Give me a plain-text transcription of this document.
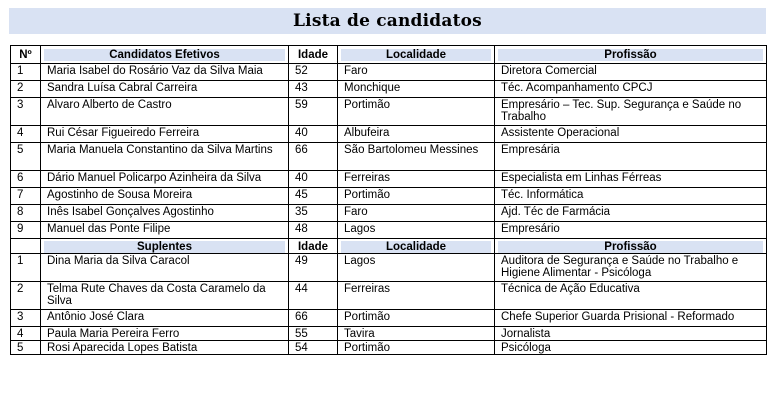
Lista de candidatos
Nº	Candidatos Efetivos	Idade	Localidade	Profissão

1	Maria Isabel do Rosário Vaz da Silva Maia	52	Faro	Diretora Comercial
2	Sandra Luísa Cabral Carreira	43	Monchique	Téc. Acompanhamento CPCJ
3	Alvaro Alberto de Castro	59	Portimão	Empresário – Tec. Sup. Segurança e Saúde no Trabalho
4	Rui César Figueiredo Ferreira	40	Albufeira	Assistente Operacional
5	Maria Manuela Constantino da Silva Martins	66	São Bartolomeu Messines	Empresária
6	Dário Manuel Policarpo Azinheira da Silva	40	Ferreiras	Especialista em Linhas Férreas
7	Agostinho de Sousa Moreira	45	Portimão	Téc. Informática
8	Inês Isabel Gonçalves Agostinho	35	Faro	Ajd. Téc de Farmácia
9	Manuel das Ponte Filipe	48	Lagos	Empresário

	Suplentes	Idade	Localidade	Profissão

1	Dina Maria da Silva Caracol	49	Lagos	Auditora de Segurança e Saúde no Trabalho e Higiene Alimentar - Psicóloga
2	Telma Rute Chaves da Costa Caramelo da Silva	44	Ferreiras	Técnica de Ação Educativa
3	Antônio José Clara	66	Portimão	Chefe Superior Guarda Prisional - Reformado
4	Paula Maria Pereira Ferro	55	Tavira	Jornalista
5	Rosi Aparecida Lopes Batista	54	Portimão	Psicóloga
